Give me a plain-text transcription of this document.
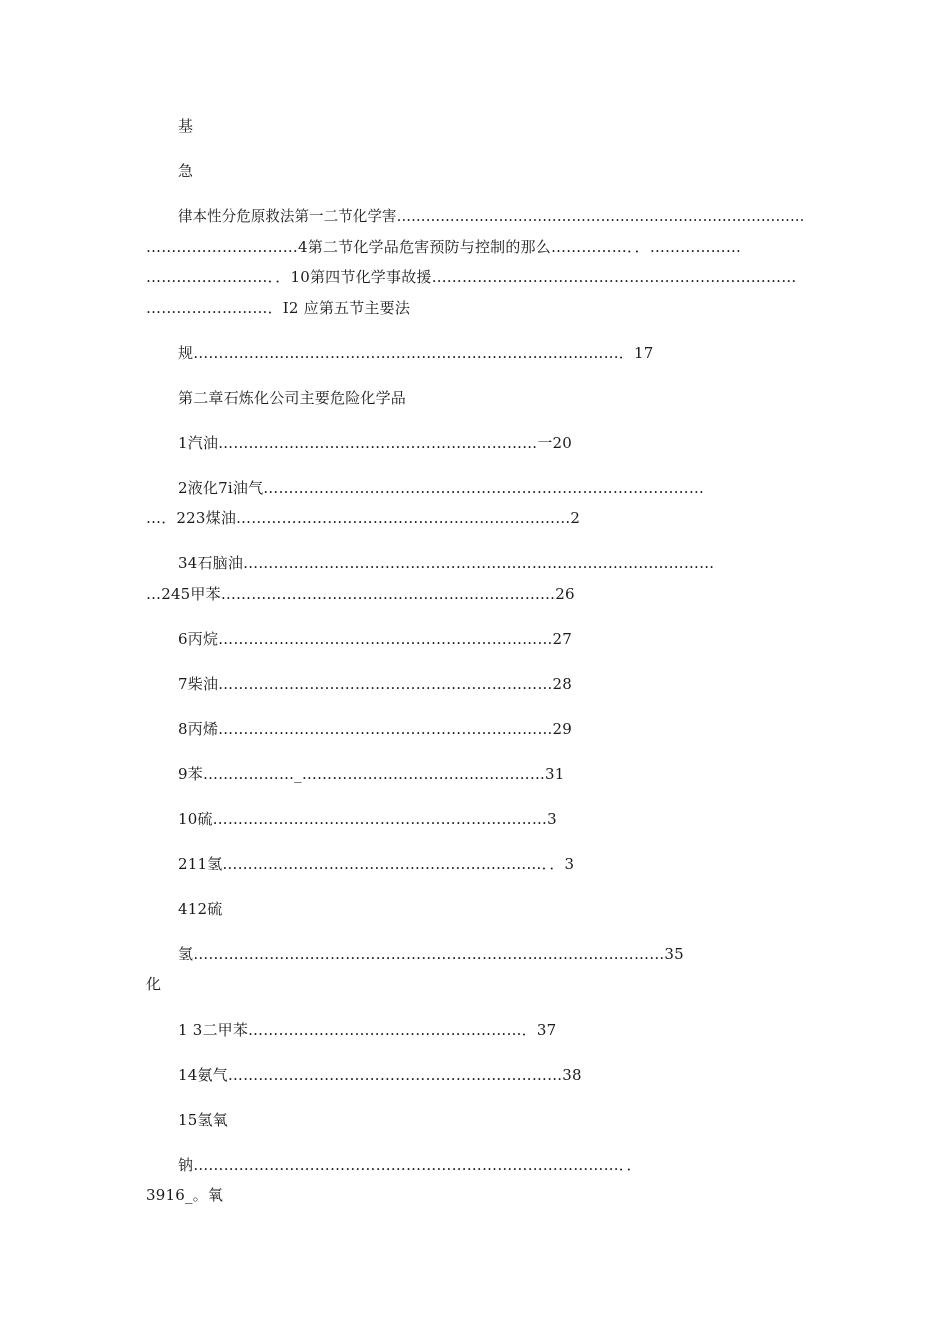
基
急
律本性分危原救法第一二节化学害…………………………………………………………………………
…………………………4第二节化学品危害预防与控制的那么……………．．………………
……………………．．10第四节化学事故援………………………………………………………………
……………………．I2 应第五节主要法
规…………………………………………………………………………．17
第二章石炼化公司主要危险化学品
1汽油………………………………………………………一20
2液化7i油气……………………………………………………………………………
…．223煤油…………………………………………………………2
34石脑油…………………………………………………………………………………
…245甲苯…………………………………………………………26
6丙烷…………………………………………………………27
7柴油…………………………………………………………28
8丙烯…………………………………………………………29
9苯………………_…………………………………………31
10硫…………………………………………………………3
211氢………………………………………………………．．3
412硫
氢…………………………………………………………………………………35
化
1 3二甲苯………………………………………………．37
14氨气…………………………………………………………38
15氢氧
钠…………………………………………………………………………．．
3916_。氧
